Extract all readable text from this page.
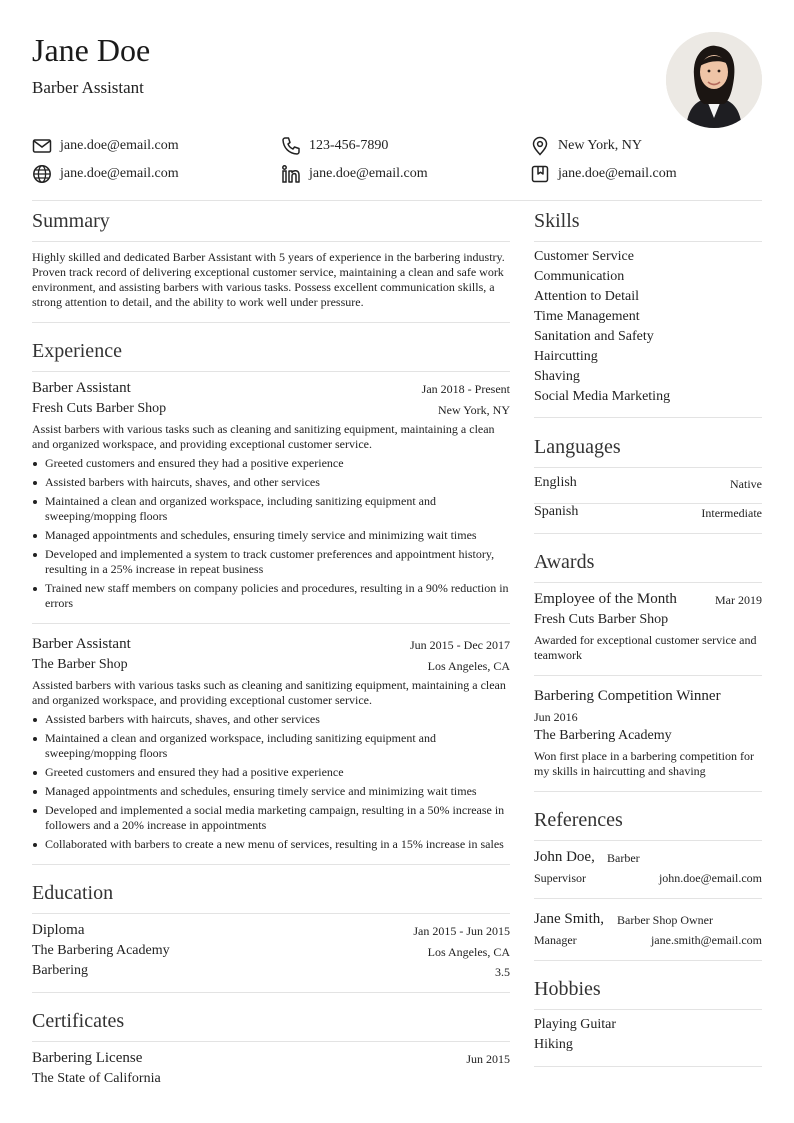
Jane Doe
Barber Assistant
jane.doe@email.com	123-456-7890	New York, NY
jane.doe@email.com	jane.doe@email.com	jane.doe@email.com
Summary
Highly skilled and dedicated Barber Assistant with 5 years of experience in the barbering industry. Proven track record of delivering exceptional customer service, maintaining a clean and safe work environment, and assisting barbers with various tasks. Possess excellent communication skills, a strong attention to detail, and the ability to work well under pressure.
Experience
Barber Assistant	Jan 2018 - Present
Fresh Cuts Barber Shop	New York, NY
Assist barbers with various tasks such as cleaning and sanitizing equipment, maintaining a clean and organized workspace, and providing exceptional customer service.
Greeted customers and ensured they had a positive experience
Assisted barbers with haircuts, shaves, and other services
Maintained a clean and organized workspace, including sanitizing equipment and sweeping/mopping floors
Managed appointments and schedules, ensuring timely service and minimizing wait times
Developed and implemented a system to track customer preferences and appointment history, resulting in a 25% increase in repeat business
Trained new staff members on company policies and procedures, resulting in a 90% reduction in errors
Barber Assistant	Jun 2015 - Dec 2017
The Barber Shop	Los Angeles, CA
Assisted barbers with various tasks such as cleaning and sanitizing equipment, maintaining a clean and organized workspace, and providing exceptional customer service.
Assisted barbers with haircuts, shaves, and other services
Maintained a clean and organized workspace, including sanitizing equipment and sweeping/mopping floors
Greeted customers and ensured they had a positive experience
Managed appointments and schedules, ensuring timely service and minimizing wait times
Developed and implemented a social media marketing campaign, resulting in a 50% increase in followers and a 20% increase in appointments
Collaborated with barbers to create a new menu of services, resulting in a 15% increase in sales
Education
Diploma	Jan 2015 - Jun 2015
The Barbering Academy	Los Angeles, CA
Barbering	3.5
Certificates
Barbering License	Jun 2015
The State of California
Skills
Customer Service
Communication
Attention to Detail
Time Management
Sanitation and Safety
Haircutting
Shaving
Social Media Marketing
Languages
English	Native
Spanish	Intermediate
Awards
Employee of the Month	Mar 2019
Fresh Cuts Barber Shop
Awarded for exceptional customer service and teamwork
Barbering Competition Winner
Jun 2016
The Barbering Academy
Won first place in a barbering competition for my skills in haircutting and shaving
References
John Doe, Barber
Supervisor	john.doe@email.com
Jane Smith, Barber Shop Owner
Manager	jane.smith@email.com
Hobbies
Playing Guitar
Hiking
